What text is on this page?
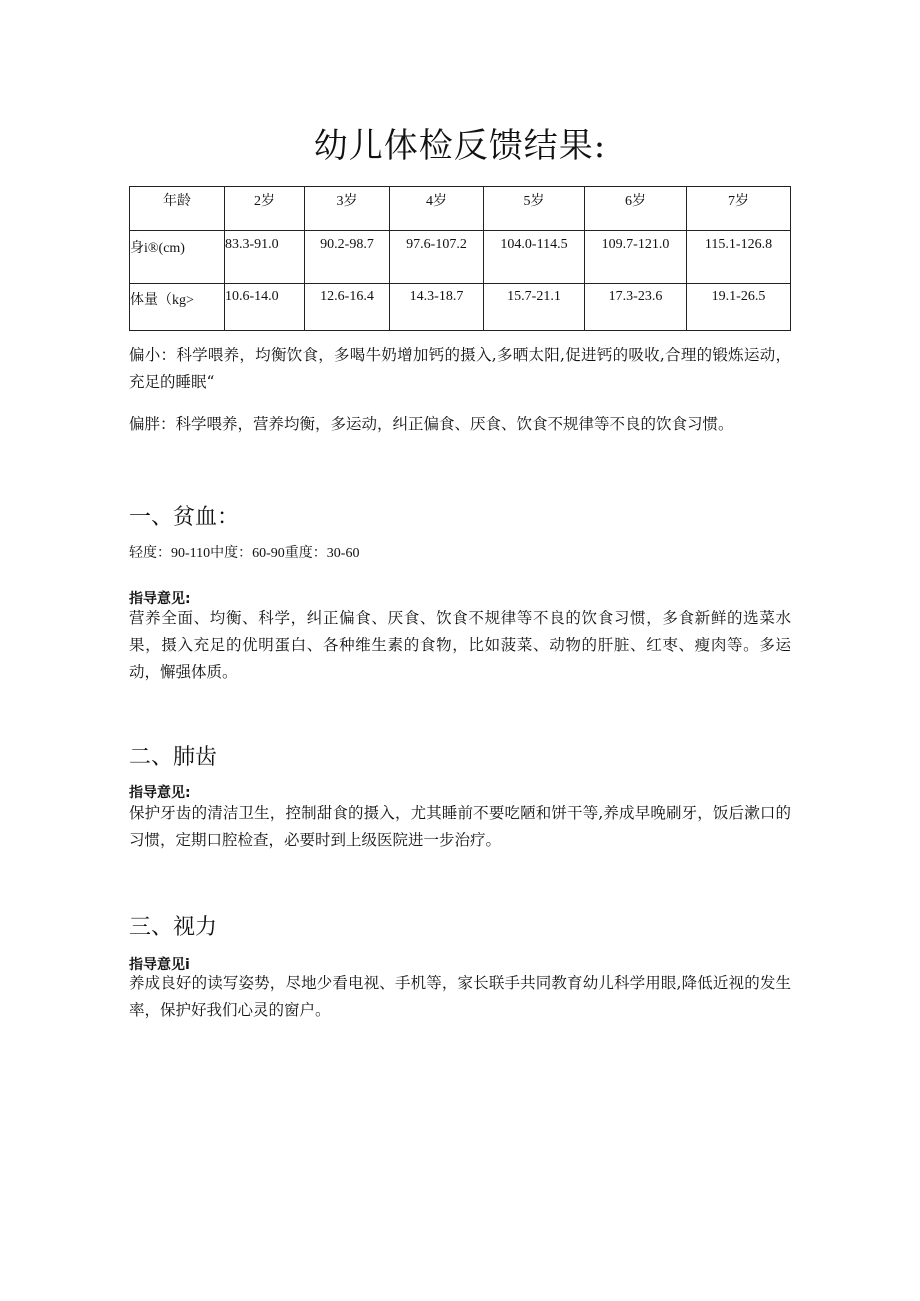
幼儿体检反馈结果:
年龄	2岁	3岁	4岁	5岁	6岁	7岁
身i®(cm)	83.3-91.0	90.2-98.7	97.6-107.2	104.0-114.5	109.7-121.0	115.1-126.8
体量（kg>	10.6-14.0	12.6-16.4	14.3-18.7	15.7-21.1	17.3-23.6	19.1-26.5

偏小：科学喂养，均衡饮食，多喝牛奶增加钙的摄入,多晒太阳,促进钙的吸收,合理的锻炼运动，充足的睡眠“

偏胖：科学喂养，营养均衡，多运动，纠正偏食、厌食、饮食不规律等不良的饮食习惯。

一、贫血：

轻度：90-110中度：60-90重度：30-60

指导意见:

营养全面、均衡、科学，纠正偏食、厌食、饮食不规律等不良的饮食习惯，多食新鲜的选菜水果，摄入充足的优明蛋白、各种维生素的食物，比如菠菜、动物的肝脏、红枣、瘦肉等。多运动，懈强体质。

二、肺齿

指导意见:

保护牙齿的清洁卫生，控制甜食的摄入，尤其睡前不要吃陋和饼干等,养成早晚刷牙，饭后漱口的习惯，定期口腔检查，必要时到上级医院进一步治疗。

三、视力

指导意见i

养成良好的读写姿势，尽地少看电视、手机等，家长联手共同教育幼儿科学用眼,降低近视的发生率，保护好我们心灵的窗户。
